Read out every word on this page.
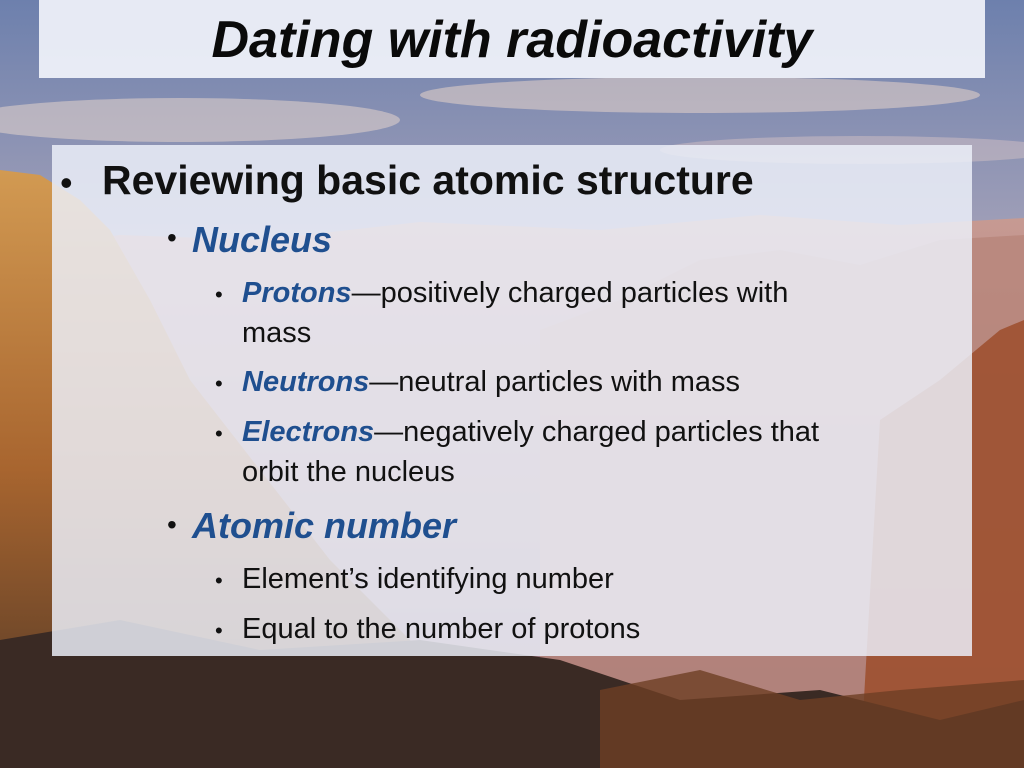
Dating with radioactivity
• Reviewing basic atomic structure
• Nucleus
• Protons—positively charged particles with
mass
• Neutrons—neutral particles with mass
• Electrons—negatively charged particles that
orbit the nucleus
• Atomic number
• Element’s identifying number
• Equal to the number of protons
